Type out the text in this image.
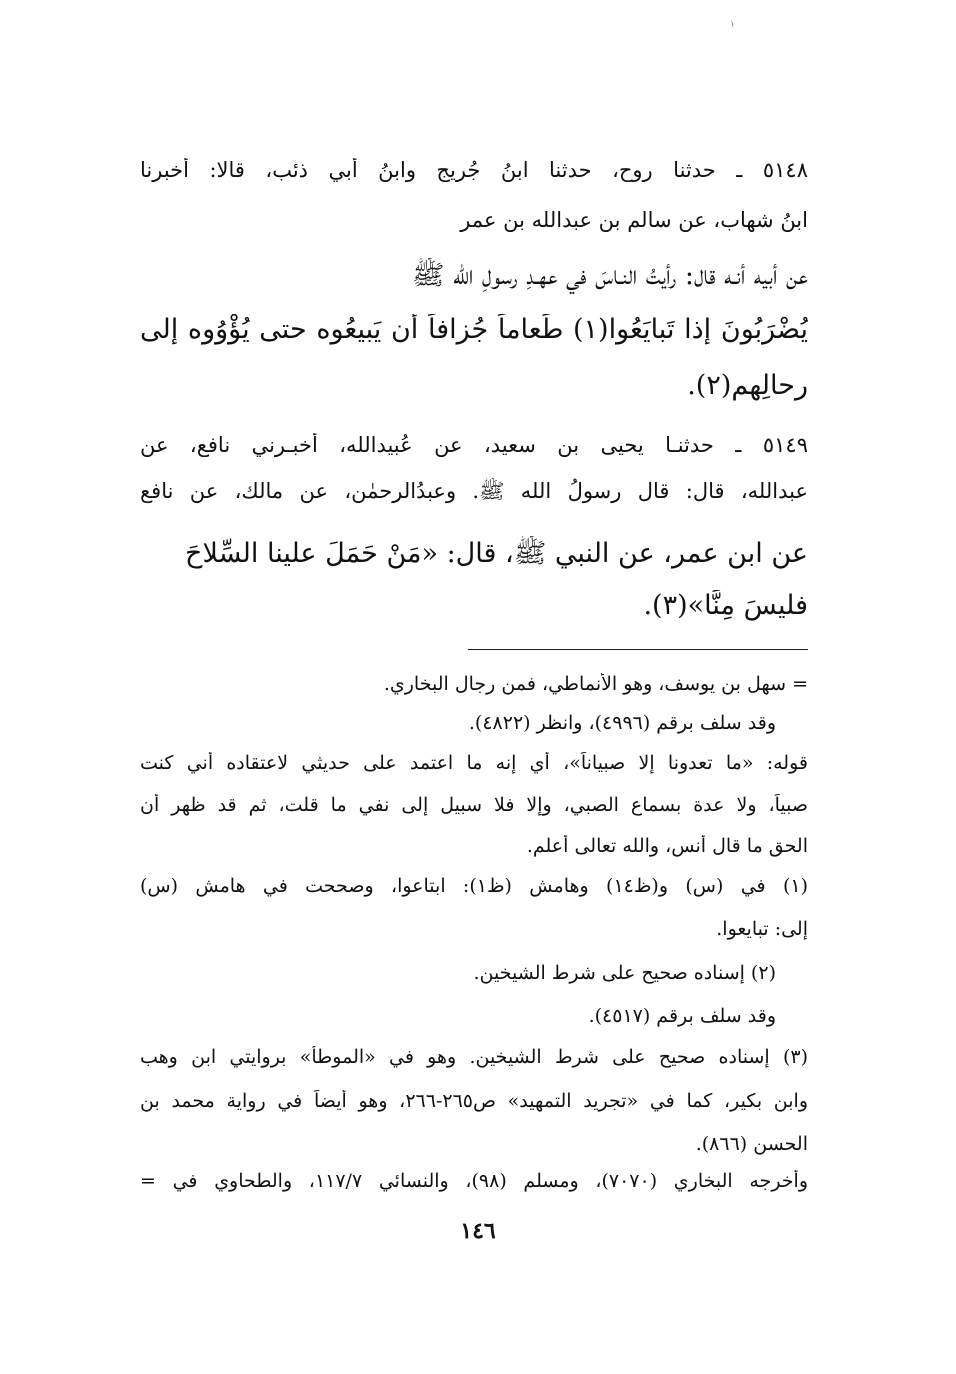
١
٥١٤٨ ـ حدثنا روح، حدثنا ابنُ جُريج وابنُ أبي ذئب، قالا: أخبرنا
ابنُ شهاب، عن سالم بن عبدالله بن عمر
عن أبيه أنـه قال: رأيتُ النـاسَ في عهـدِ رسولِ الله ﷺ
يُضْرَبُونَ إذا تَبايَعُوا(١) طَعاماً جُزافاً أن يَبيعُوه حتى يُؤْوُوه إلى
رِحالِهِم(٢).
٥١٤٩ ـ حدثنـا يحيى بن سعيد، عن عُبيدالله، أخبـرني نافع، عن
عبدالله، قال: قال رسولُ الله ﷺ. وعبدُالرحمٰن، عن مالك، عن نافع
عن ابن عمر، عن النبي ﷺ، قال: «مَنْ حَمَلَ علينا السِّلاحَ
فليسَ مِنَّا»(٣).
= سهل بن يوسف، وهو الأنماطي، فمن رجال البخاري.
وقد سلف برقم (٤٩٩٦)، وانظر (٤٨٢٢).
قوله: «ما تعدونا إلا صبياناً»، أي إنه ما اعتمد على حديثي لاعتقاده أني كنت
صبياً، ولا عدة بسماع الصبي، وإلا فلا سبيل إلى نفي ما قلت، ثم قد ظهر أن
الحق ما قال أنس، والله تعالى أعلم.
(١) في (س) و(ظ١٤) وهامش (ظ١): ابتاعوا، وصححت في هامش (س)
إلى: تبايعوا.
(٢) إسناده صحيح على شرط الشيخين.
وقد سلف برقم (٤٥١٧).
(٣) إسناده صحيح على شرط الشيخين. وهو في «الموطأ» بروايتي ابن وهب
وابن بكير، كما في «تجريد التمهيد» ص٢٦٥-٢٦٦، وهو أيضاً في رواية محمد بن
الحسن (٨٦٦).
وأخرجه البخاري (٧٠٧٠)، ومسلم (٩٨)، والنسائي ١١٧/٧، والطحاوي في =
١٤٦
